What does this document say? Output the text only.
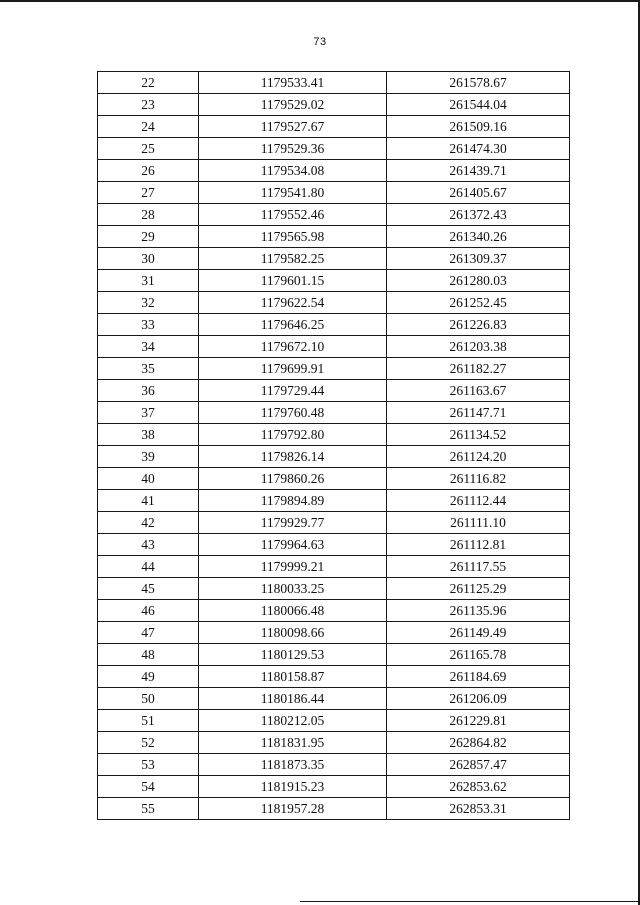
73
22	1179533.41	261578.67
23	1179529.02	261544.04
24	1179527.67	261509.16
25	1179529.36	261474.30
26	1179534.08	261439.71
27	1179541.80	261405.67
28	1179552.46	261372.43
29	1179565.98	261340.26
30	1179582.25	261309.37
31	1179601.15	261280.03
32	1179622.54	261252.45
33	1179646.25	261226.83
34	1179672.10	261203.38
35	1179699.91	261182.27
36	1179729.44	261163.67
37	1179760.48	261147.71
38	1179792.80	261134.52
39	1179826.14	261124.20
40	1179860.26	261116.82
41	1179894.89	261112.44
42	1179929.77	261111.10
43	1179964.63	261112.81
44	1179999.21	261117.55
45	1180033.25	261125.29
46	1180066.48	261135.96
47	1180098.66	261149.49
48	1180129.53	261165.78
49	1180158.87	261184.69
50	1180186.44	261206.09
51	1180212.05	261229.81
52	1181831.95	262864.82
53	1181873.35	262857.47
54	1181915.23	262853.62
55	1181957.28	262853.31
